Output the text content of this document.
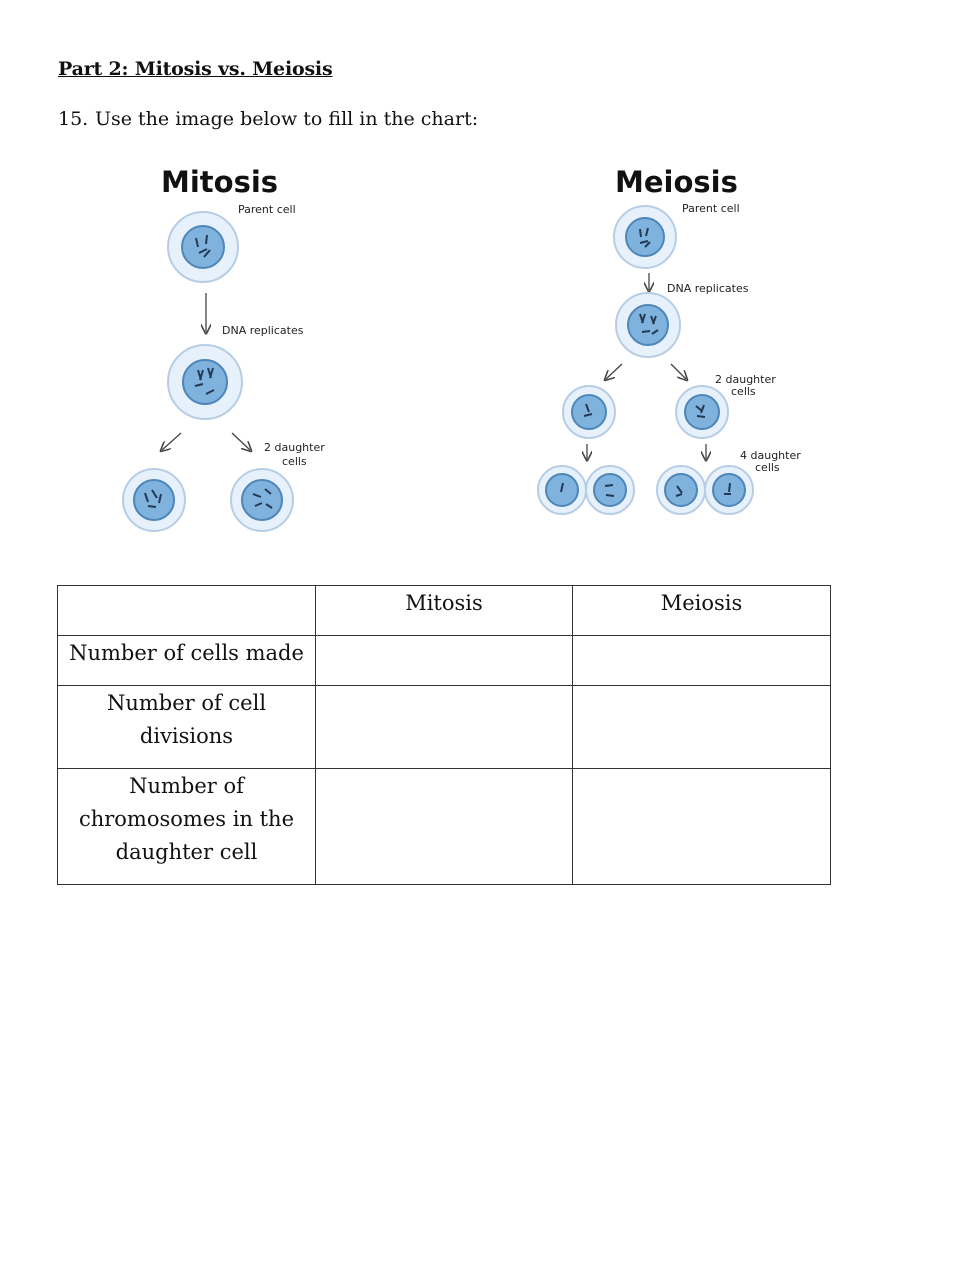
Part 2: Mitosis vs. Meiosis
15. Use the image below to fill in the chart:
Mitosis
Parent cell
DNA replicates
2 daughter
cells
Meiosis
Parent cell
DNA replicates
2 daughter
cells
4 daughter
cells
	Mitosis	Meiosis
Number of cells made		
Number of cell divisions		
Number of chromosomes in the daughter cell		
